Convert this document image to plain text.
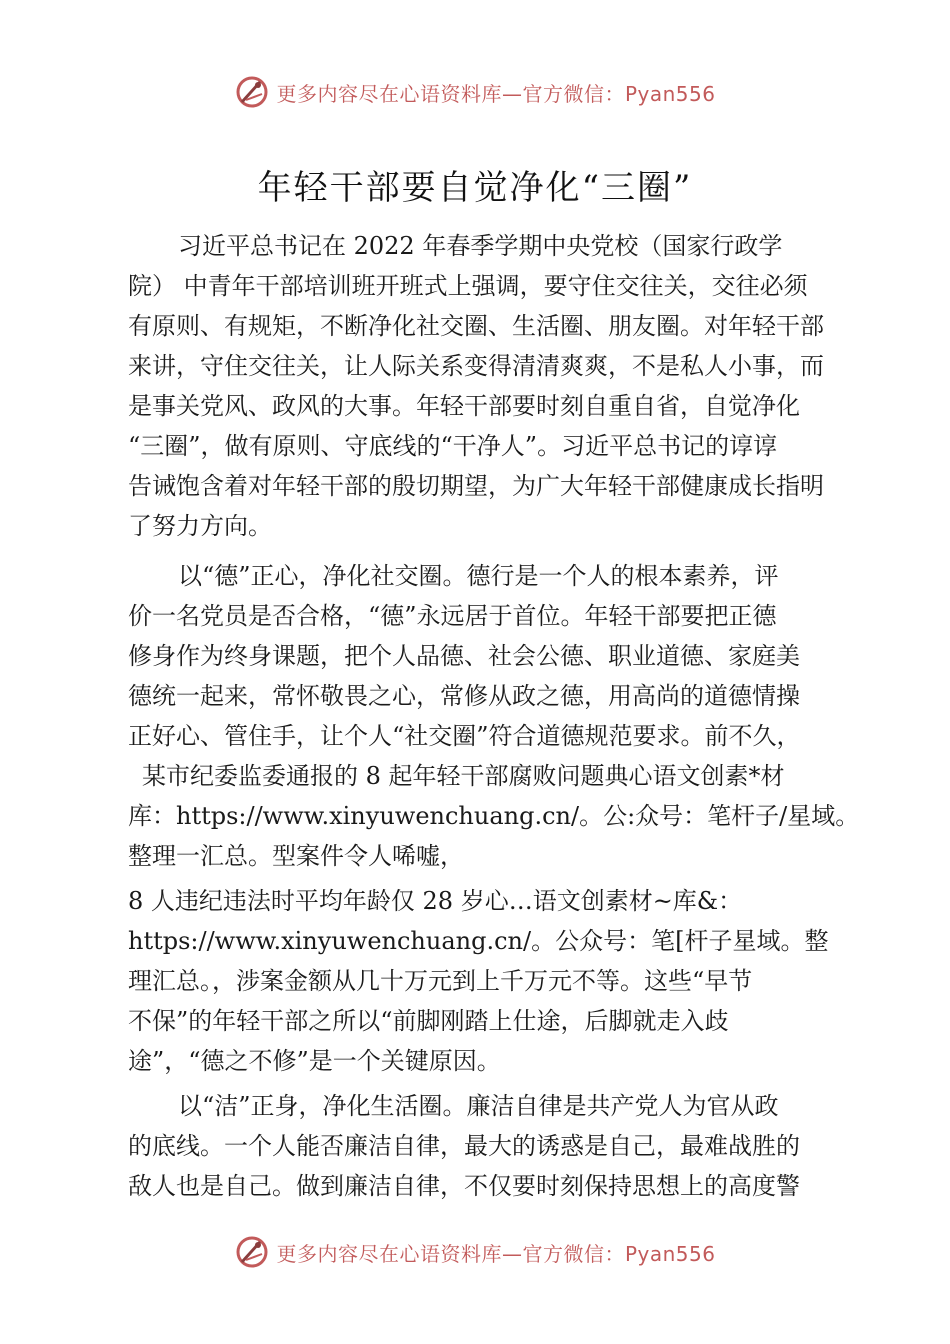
更多内容尽在心语资料库—官方微信：Pyan556
年轻干部要自觉净化“三圈”
习近平总书记在 2022 年春季学期中央党校（国家行政学
院） 中青年干部培训班开班式上强调，要守住交往关，交往必须
有原则、有规矩，不断净化社交圈、生活圈、朋友圈。对年轻干部
来讲，守住交往关，让人际关系变得清清爽爽，不是私人小事，而
是事关党风、政风的大事。年轻干部要时刻自重自省，自觉净化
“三圈”，做有原则、守底线的“干净人”。习近平总书记的谆谆
告诫饱含着对年轻干部的殷切期望，为广大年轻干部健康成长指明
了努力方向。
以“德”正心，净化社交圈。德行是一个人的根本素养，评
价一名党员是否合格，“德”永远居于首位。年轻干部要把正德
修身作为终身课题，把个人品德、社会公德、职业道德、家庭美
德统一起来，常怀敬畏之心，常修从政之德，用高尚的道德情操
正好心、管住手，让个人“社交圈”符合道德规范要求。前不久，
某市纪委监委通报的 8 起年轻干部腐败问题典心语文创素*材
库：https://www.xinyuwenchuang.cn/。公:众号：笔杆子/星域。
整理一汇总。型案件令人唏嘘，
8 人违纪违法时平均年龄仅 28 岁心…语文创素材~库&：
https://www.xinyuwenchuang.cn/。公众号：笔[杆子星域。整
理汇总。，涉案金额从几十万元到上千万元不等。这些“早节
不保”的年轻干部之所以“前脚刚踏上仕途，后脚就走入歧
途”，“德之不修”是一个关键原因。
以“洁”正身，净化生活圈。廉洁自律是共产党人为官从政
的底线。一个人能否廉洁自律，最大的诱惑是自己，最难战胜的
敌人也是自己。做到廉洁自律，不仅要时刻保持思想上的高度警
更多内容尽在心语资料库—官方微信：Pyan556
